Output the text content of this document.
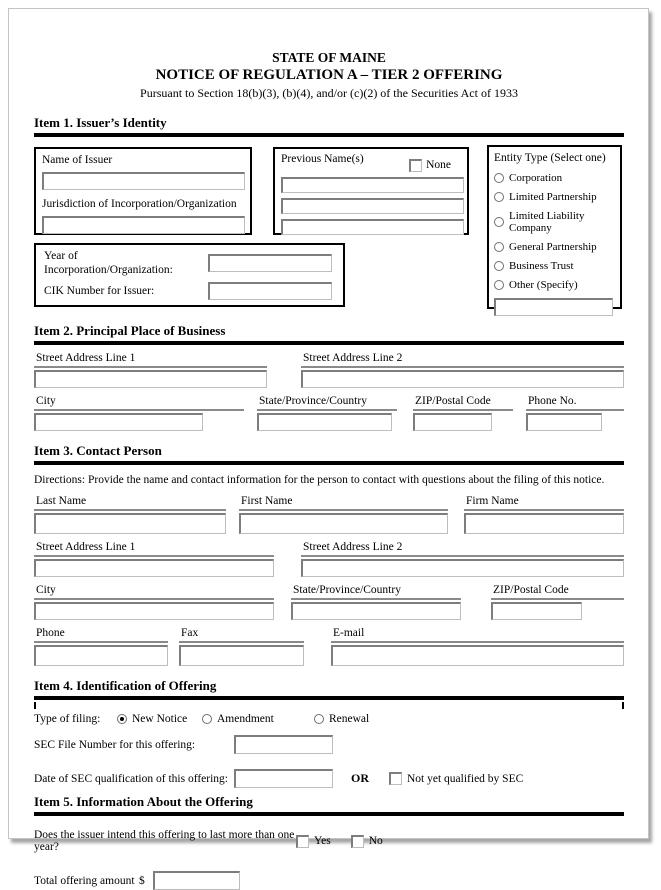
STATE OF MAINE
NOTICE OF REGULATION A – TIER 2 OFFERING
Pursuant to Section 18(b)(3), (b)(4), and/or (c)(2) of the Securities Act of 1933
Item 1. Issuer’s Identity
Name of Issuer
Jurisdiction of Incorporation/Organization
Previous Name(s)	None
Entity Type (Select one)
Corporation
Limited Partnership
Limited Liability Company
General Partnership
Business Trust
Other (Specify)
Year of Incorporation/Organization:
CIK Number for Issuer:
Item 2. Principal Place of Business
Street Address Line 1	Street Address Line 2
City	State/Province/Country	ZIP/Postal Code	Phone No.
Item 3. Contact Person
Directions: Provide the name and contact information for the person to contact with questions about the filing of this notice.
Last Name	First Name	Firm Name
Street Address Line 1	Street Address Line 2
City	State/Province/Country	ZIP/Postal Code
Phone	Fax	E-mail
Item 4. Identification of Offering
Type of filing:	New Notice	Amendment	Renewal
SEC File Number for this offering:
Date of SEC qualification of this offering:	OR	Not yet qualified by SEC
Item 5. Information About the Offering
Does the issuer intend this offering to last more than one year?	Yes	No
Total offering amount $
